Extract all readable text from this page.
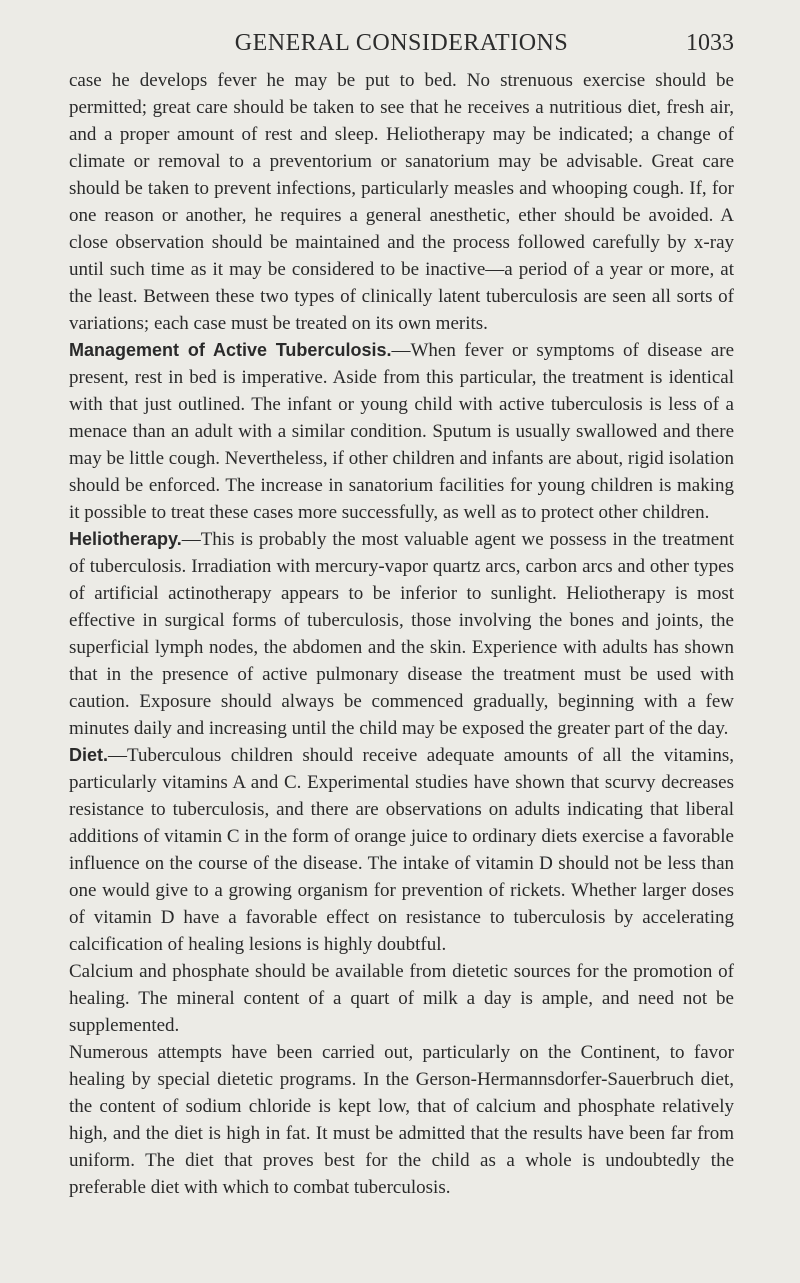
GENERAL CONSIDERATIONS	1033

case he develops fever he may be put to bed. No strenuous exercise should be permitted; great care should be taken to see that he receives a nutritious diet, fresh air, and a proper amount of rest and sleep. Heliotherapy may be indicated; a change of climate or removal to a preventorium or sanatorium may be advisable. Great care should be taken to prevent infections, particularly measles and whooping cough. If, for one reason or another, he requires a general anesthetic, ether should be avoided. A close observation should be maintained and the process followed carefully by x-ray until such time as it may be considered to be inactive—a period of a year or more, at the least. Between these two types of clinically latent tuberculosis are seen all sorts of variations; each case must be treated on its own merits.

Management of Active Tuberculosis.—When fever or symptoms of disease are present, rest in bed is imperative. Aside from this particular, the treatment is identical with that just outlined. The infant or young child with active tuberculosis is less of a menace than an adult with a similar condition. Sputum is usually swallowed and there may be little cough. Nevertheless, if other children and infants are about, rigid isolation should be enforced. The increase in sanatorium facilities for young children is making it possible to treat these cases more successfully, as well as to protect other children.

Heliotherapy.—This is probably the most valuable agent we possess in the treatment of tuberculosis. Irradiation with mercury-vapor quartz arcs, carbon arcs and other types of artificial actinotherapy appears to be inferior to sunlight. Heliotherapy is most effective in surgical forms of tuberculosis, those involving the bones and joints, the superficial lymph nodes, the abdomen and the skin. Experience with adults has shown that in the presence of active pulmonary disease the treatment must be used with caution. Exposure should always be commenced gradually, beginning with a few minutes daily and increasing until the child may be exposed the greater part of the day.

Diet.—Tuberculous children should receive adequate amounts of all the vitamins, particularly vitamins A and C. Experimental studies have shown that scurvy decreases resistance to tuberculosis, and there are observations on adults indicating that liberal additions of vitamin C in the form of orange juice to ordinary diets exercise a favorable influence on the course of the disease. The intake of vitamin D should not be less than one would give to a growing organism for prevention of rickets. Whether larger doses of vitamin D have a favorable effect on resistance to tuberculosis by accelerating calcification of healing lesions is highly doubtful.

Calcium and phosphate should be available from dietetic sources for the promotion of healing. The mineral content of a quart of milk a day is ample, and need not be supplemented.

Numerous attempts have been carried out, particularly on the Continent, to favor healing by special dietetic programs. In the Gerson-Hermannsdorfer-Sauerbruch diet, the content of sodium chloride is kept low, that of calcium and phosphate relatively high, and the diet is high in fat. It must be admitted that the results have been far from uniform. The diet that proves best for the child as a whole is undoubtedly the preferable diet with which to combat tuberculosis.
